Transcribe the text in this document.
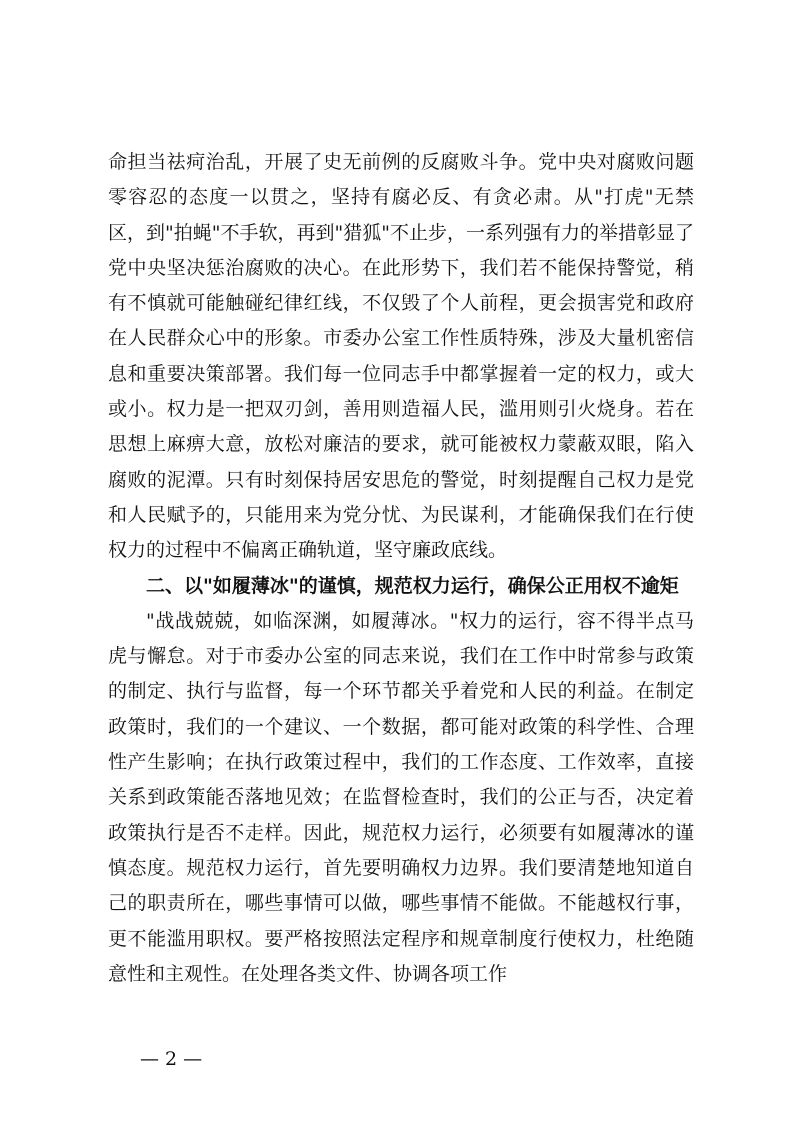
命担当祛疴治乱，开展了史无前例的反腐败斗争。党中央对腐败问题零容忍的态度一以贯之，坚持有腐必反、有贪必肃。从"打虎"无禁区，到"拍蝇"不手软，再到"猎狐"不止步，一系列强有力的举措彰显了党中央坚决惩治腐败的决心。在此形势下，我们若不能保持警觉，稍有不慎就可能触碰纪律红线，不仅毁了个人前程，更会损害党和政府在人民群众心中的形象。市委办公室工作性质特殊，涉及大量机密信息和重要决策部署。我们每一位同志手中都掌握着一定的权力，或大或小。权力是一把双刃剑，善用则造福人民，滥用则引火烧身。若在思想上麻痹大意，放松对廉洁的要求，就可能被权力蒙蔽双眼，陷入腐败的泥潭。只有时刻保持居安思危的警觉，时刻提醒自己权力是党和人民赋予的，只能用来为党分忧、为民谋利，才能确保我们在行使权力的过程中不偏离正确轨道，坚守廉政底线。

二、以"如履薄冰"的谨慎，规范权力运行，确保公正用权不逾矩

"战战兢兢，如临深渊，如履薄冰。"权力的运行，容不得半点马虎与懈怠。对于市委办公室的同志来说，我们在工作中时常参与政策的制定、执行与监督，每一个环节都关乎着党和人民的利益。在制定政策时，我们的一个建议、一个数据，都可能对政策的科学性、合理性产生影响；在执行政策过程中，我们的工作态度、工作效率，直接关系到政策能否落地见效；在监督检查时，我们的公正与否，决定着政策执行是否不走样。因此，规范权力运行，必须要有如履薄冰的谨慎态度。规范权力运行，首先要明确权力边界。我们要清楚地知道自己的职责所在，哪些事情可以做，哪些事情不能做。不能越权行事，更不能滥用职权。要严格按照法定程序和规章制度行使权力，杜绝随意性和主观性。在处理各类文件、协调各项工作

— 2 —
